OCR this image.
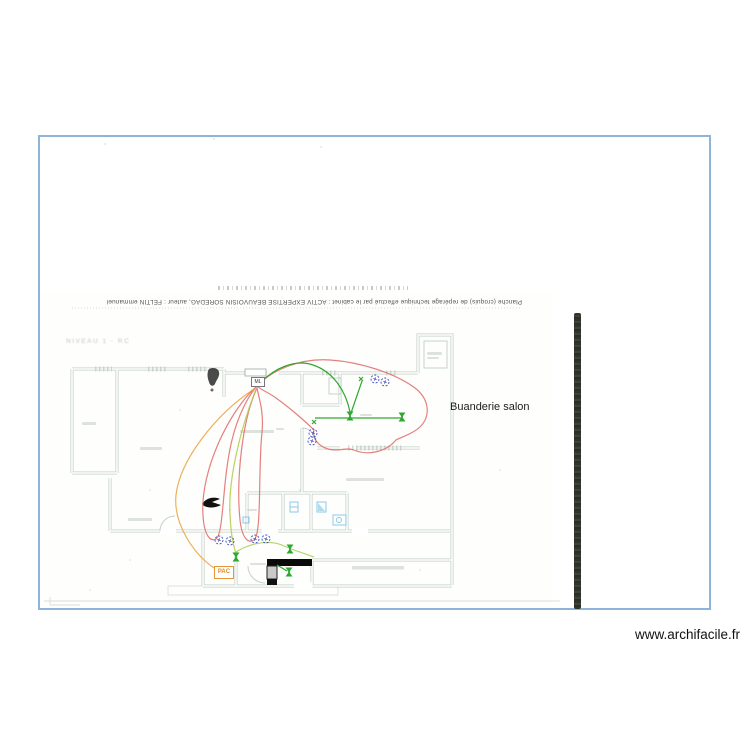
Planche (croquis) de repérage technique effectué par le cabinet : ACTIV EXPERTISE BEAUVOISIN SOREDAG, auteur : FELTIN emmanuel
NIVEAU 1 - RC
ML
PAC
Buanderie salon
www.archifacile.fr
